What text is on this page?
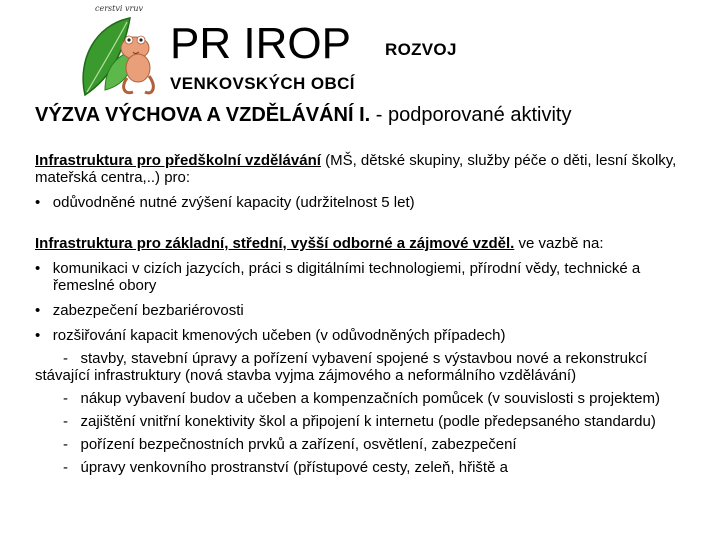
cerstvi vruv
PR IROP ROZVOJ
VENKOVSKÝCH OBCÍ
VÝZVA VÝCHOVA A VZDĚLÁVÁNÍ I. - podporované aktivity

Infrastruktura pro předškolní vzdělávání (MŠ, dětské skupiny, služby péče o děti, lesní školky, mateřská centra,..) pro:

•   odůvodněné nutné zvýšení kapacity (udržitelnost 5 let)

Infrastruktura pro základní, střední, vyšší odborné a zájmové vzděl. ve vazbě na:

•   komunikaci v cizích jazycích, práci s digitálními technologiemi, přírodní vědy, technické a řemeslné obory

•   zabezpečení bezbariérovosti

•   rozšiřování kapacit kmenových učeben (v odůvodněných případech)

-   stavby, stavební úpravy a pořízení vybavení spojené s výstavbou nové a rekonstrukcí stávající infrastruktury (nová stavba vyjma zájmového a neformálního vzdělávání)

-   nákup vybavení budov a učeben a kompenzačních pomůcek (v souvislosti s projektem)

-   zajištění vnitřní konektivity škol a připojení k internetu (podle předepsaného standardu)

-   pořízení bezpečnostních prvků a zařízení, osvětlení, zabezpečení

-   úpravy venkovního prostranství (přístupové cesty, zeleň, hřiště a
